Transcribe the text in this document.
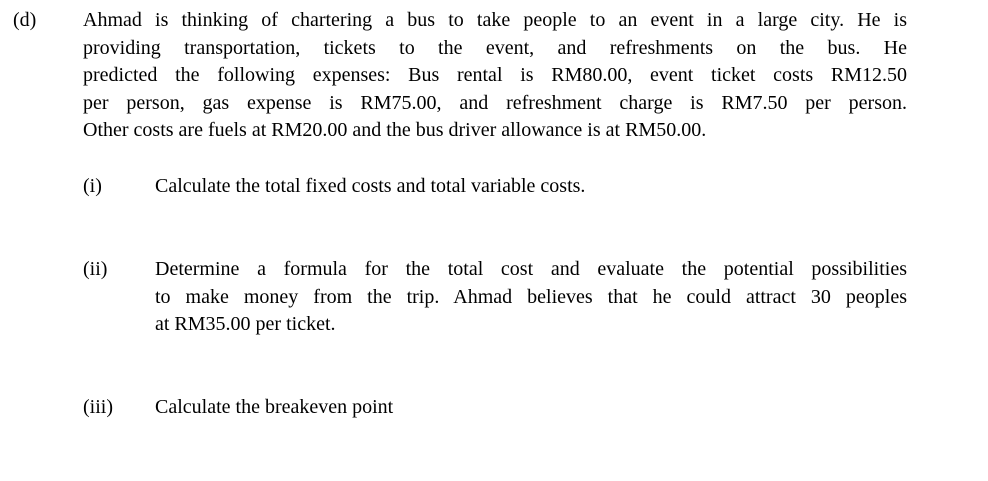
(d) Ahmad is thinking of chartering a bus to take people to an event in a large city. He is
providing transportation, tickets to the event, and refreshments on the bus. He
predicted the following expenses: Bus rental is RM80.00, event ticket costs RM12.50
per person, gas expense is RM75.00, and refreshment charge is RM7.50 per person.
Other costs are fuels at RM20.00 and the bus driver allowance is at RM50.00.
(i)	Calculate the total fixed costs and total variable costs.
(ii) Determine a formula for the total cost and evaluate the potential possibilities
to make money from the trip. Ahmad believes that he could attract 30 peoples
at RM35.00 per ticket.
(iii) Calculate the breakeven point
